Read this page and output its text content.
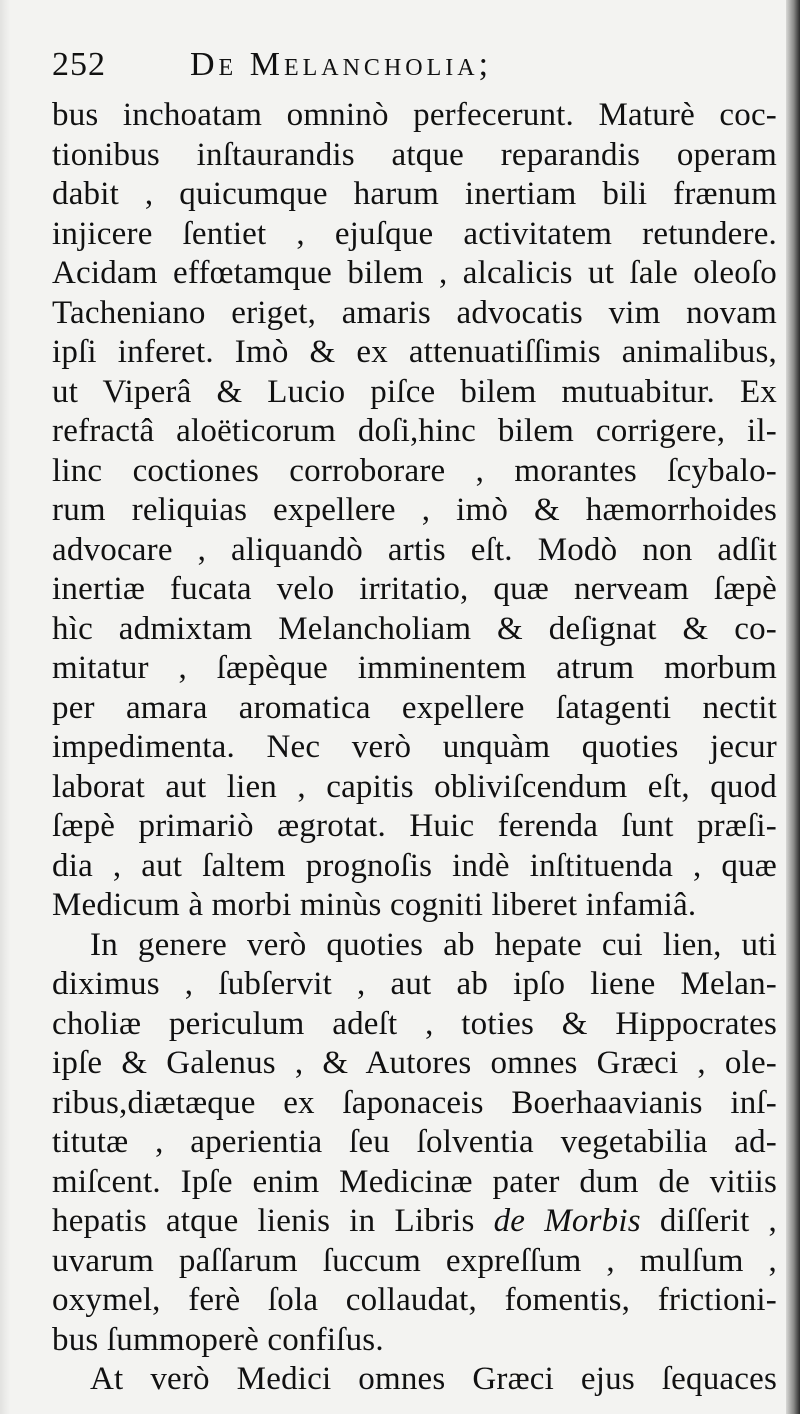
252 De Melancholia;
bus inchoatam omninò perfecerunt. Maturè coc-
tionibus inſtaurandis atque reparandis operam
dabit , quicumque harum inertiam bili frænum
injicere ſentiet , ejuſque activitatem retundere.
Acidam effœtamque bilem , alcalicis ut ſale oleoſo
Tacheniano eriget, amaris advocatis vim novam
ipſi inferet. Imò & ex attenuatiſſimis animalibus,
ut Viperâ & Lucio piſce bilem mutuabitur. Ex
refractâ aloëticorum doſi,hinc bilem corrigere, il-
linc coctiones corroborare , morantes ſcybalo-
rum reliquias expellere , imò & hæmorrhoides
advocare , aliquandò artis eſt. Modò non adſit
inertiæ fucata velo irritatio, quæ nerveam ſæpè
hìc admixtam Melancholiam & deſignat & co-
mitatur , ſæpèque imminentem atrum morbum
per amara aromatica expellere ſatagenti nectit
impedimenta. Nec verò unquàm quoties jecur
laborat aut lien , capitis obliviſcendum eſt, quod
ſæpè primariò ægrotat. Huic ferenda ſunt præſi-
dia , aut ſaltem prognoſis indè inſtituenda , quæ
Medicum à morbi minùs cogniti liberet infamiâ.
In genere verò quoties ab hepate cui lien, uti
diximus , ſubſervit , aut ab ipſo liene Melan-
choliæ periculum adeſt , toties & Hippocrates
ipſe & Galenus , & Autores omnes Græci , ole-
ribus,diætæque ex ſaponaceis Boerhaavianis inſ-
titutæ , aperientia ſeu ſolventia vegetabilia ad-
miſcent. Ipſe enim Medicinæ pater dum de vitiis
hepatis atque lienis in Libris de Morbis diſſerit ,
uvarum paſſarum ſuccum expreſſum , mulſum ,
oxymel, ferè ſola collaudat, fomentis, frictioni-
bus ſummoperè confiſus.
At verò Medici omnes Græci ejus ſequaces
